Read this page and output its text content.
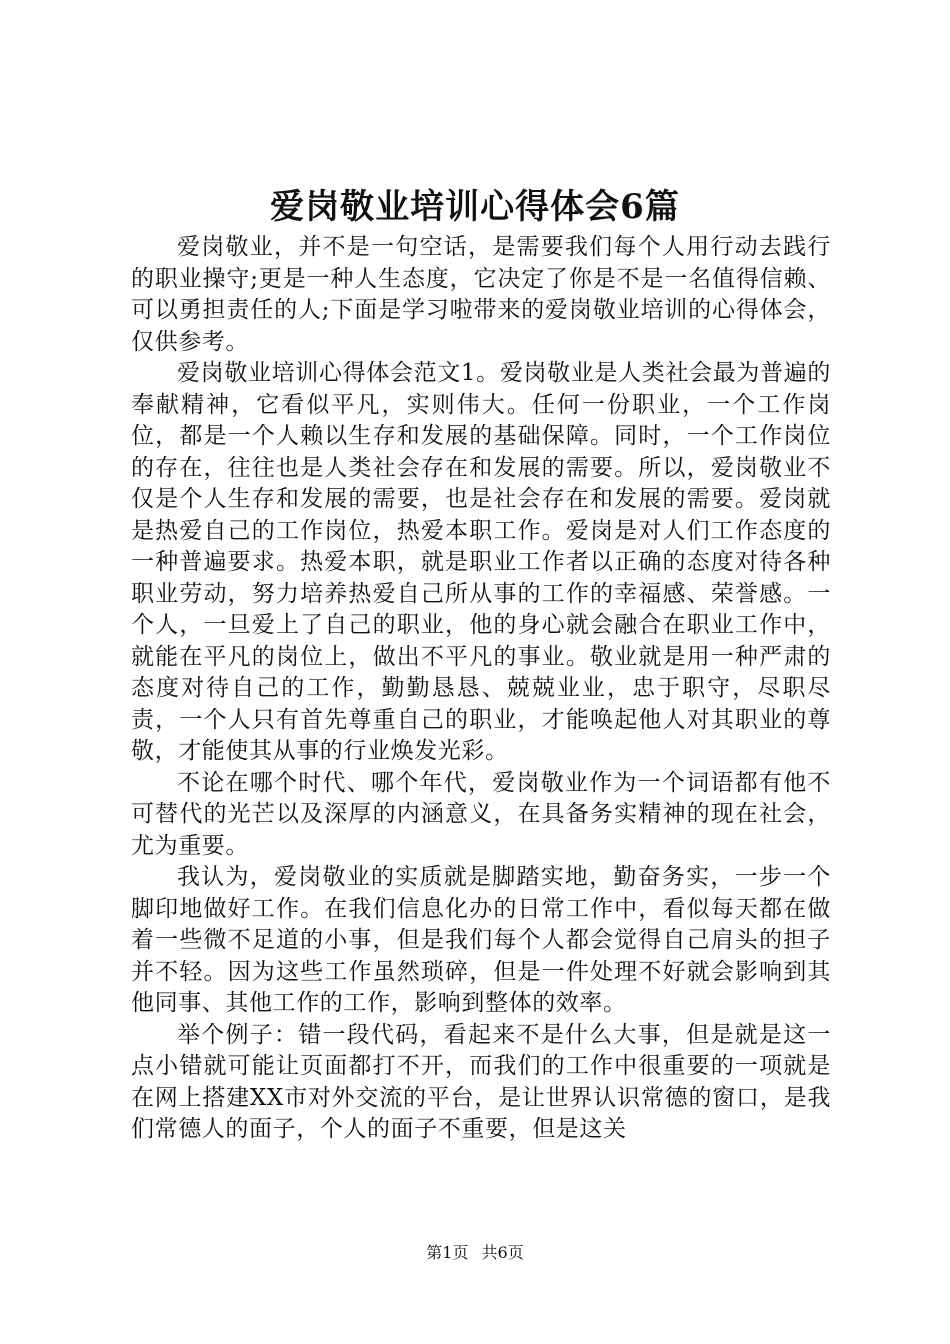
爱岗敬业培训心得体会6篇

爱岗敬业，并不是一句空话，是需要我们每个人用行动去践行的职业操守;更是一种人生态度，它决定了你是不是一名值得信赖、可以勇担责任的人;下面是学习啦带来的爱岗敬业培训的心得体会，仅供参考。

爱岗敬业培训心得体会范文1。爱岗敬业是人类社会最为普遍的奉献精神，它看似平凡，实则伟大。任何一份职业，一个工作岗位，都是一个人赖以生存和发展的基础保障。同时，一个工作岗位的存在，往往也是人类社会存在和发展的需要。所以，爱岗敬业不仅是个人生存和发展的需要，也是社会存在和发展的需要。爱岗就是热爱自己的工作岗位，热爱本职工作。爱岗是对人们工作态度的一种普遍要求。热爱本职，就是职业工作者以正确的态度对待各种职业劳动，努力培养热爱自己所从事的工作的幸福感、荣誉感。一个人，一旦爱上了自己的职业，他的身心就会融合在职业工作中，就能在平凡的岗位上，做出不平凡的事业。敬业就是用一种严肃的态度对待自己的工作，勤勤恳恳、兢兢业业，忠于职守，尽职尽责，一个人只有首先尊重自己的职业，才能唤起他人对其职业的尊敬，才能使其从事的行业焕发光彩。

不论在哪个时代、哪个年代，爱岗敬业作为一个词语都有他不可替代的光芒以及深厚的内涵意义，在具备务实精神的现在社会，尤为重要。

我认为，爱岗敬业的实质就是脚踏实地，勤奋务实，一步一个脚印地做好工作。在我们信息化办的日常工作中，看似每天都在做着一些微不足道的小事，但是我们每个人都会觉得自己肩头的担子并不轻。因为这些工作虽然琐碎，但是一件处理不好就会影响到其他同事、其他工作的工作，影响到整体的效率。

举个例子：错一段代码，看起来不是什么大事，但是就是这一点小错就可能让页面都打不开，而我们的工作中很重要的一项就是在网上搭建XX市对外交流的平台，是让世界认识常德的窗口，是我们常德人的面子，个人的面子不重要，但是这关

第1页 共6页
